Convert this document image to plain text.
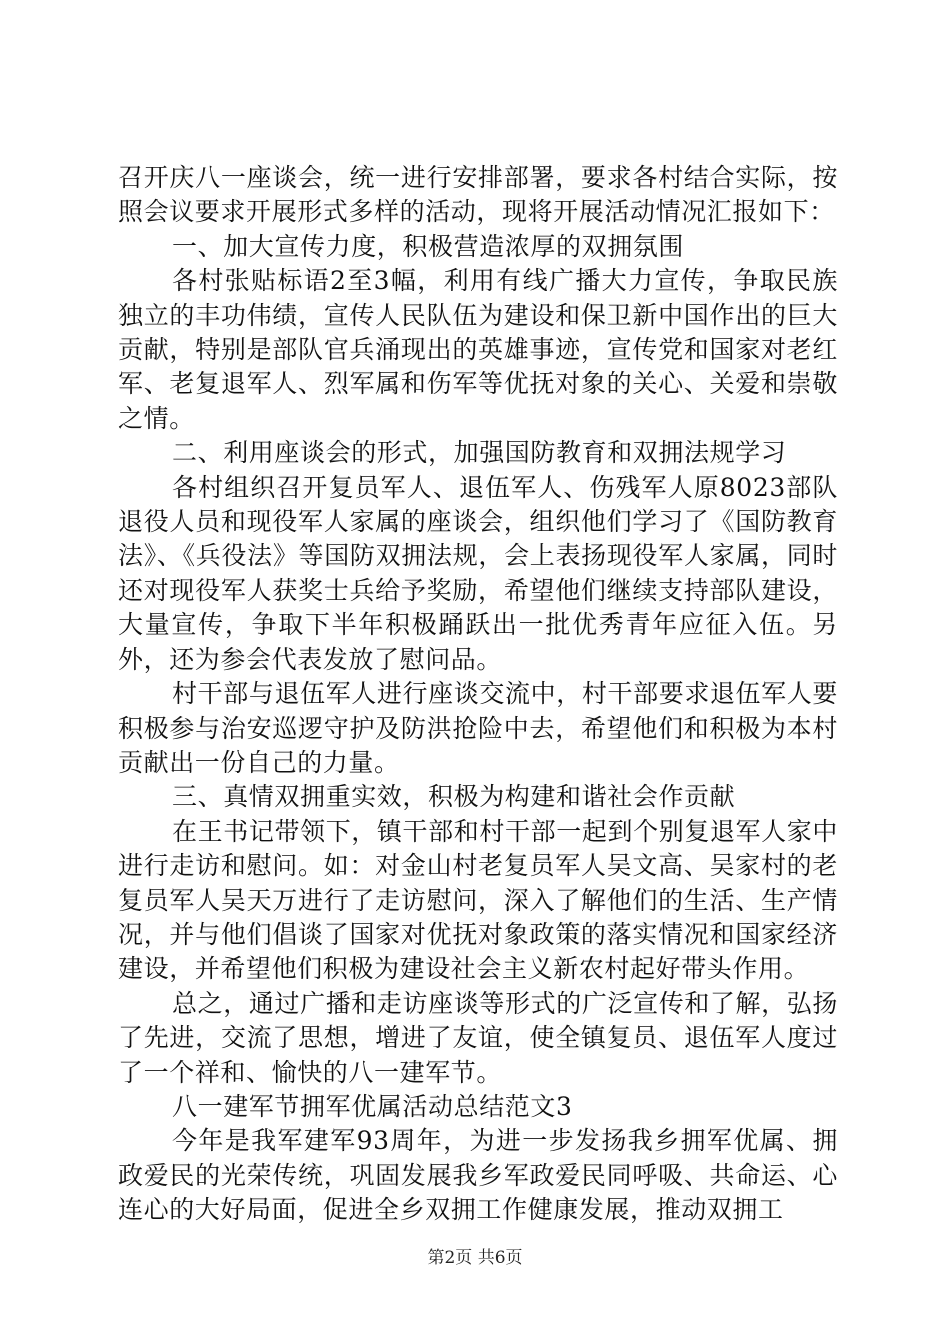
召开庆八一座谈会，统一进行安排部署，要求各村结合实际，按照会议要求开展形式多样的活动，现将开展活动情况汇报如下：

一、加大宣传力度，积极营造浓厚的双拥氛围

各村张贴标语2至3幅，利用有线广播大力宣传，争取民族独立的丰功伟绩，宣传人民队伍为建设和保卫新中国作出的巨大贡献，特别是部队官兵涌现出的英雄事迹，宣传党和国家对老红军、老复退军人、烈军属和伤军等优抚对象的关心、关爱和崇敬之情。

二、利用座谈会的形式，加强国防教育和双拥法规学习

各村组织召开复员军人、退伍军人、伤残军人原8023部队退役人员和现役军人家属的座谈会，组织他们学习了《国防教育法》、《兵役法》等国防双拥法规，会上表扬现役军人家属，同时还对现役军人获奖士兵给予奖励，希望他们继续支持部队建设，大量宣传，争取下半年积极踊跃出一批优秀青年应征入伍。另外，还为参会代表发放了慰问品。

村干部与退伍军人进行座谈交流中，村干部要求退伍军人要积极参与治安巡逻守护及防洪抢险中去，希望他们和积极为本村贡献出一份自己的力量。

三、真情双拥重实效，积极为构建和谐社会作贡献

在王书记带领下，镇干部和村干部一起到个别复退军人家中进行走访和慰问。如：对金山村老复员军人吴文高、吴家村的老复员军人吴天万进行了走访慰问，深入了解他们的生活、生产情况，并与他们倡谈了国家对优抚对象政策的落实情况和国家经济建设，并希望他们积极为建设社会主义新农村起好带头作用。

总之，通过广播和走访座谈等形式的广泛宣传和了解，弘扬了先进，交流了思想，增进了友谊，使全镇复员、退伍军人度过了一个祥和、愉快的八一建军节。

八一建军节拥军优属活动总结范文3

今年是我军建军93周年，为进一步发扬我乡拥军优属、拥政爱民的光荣传统，巩固发展我乡军政爱民同呼吸、共命运、心连心的大好局面，促进全乡双拥工作健康发展，推动双拥工

第2页 共6页
